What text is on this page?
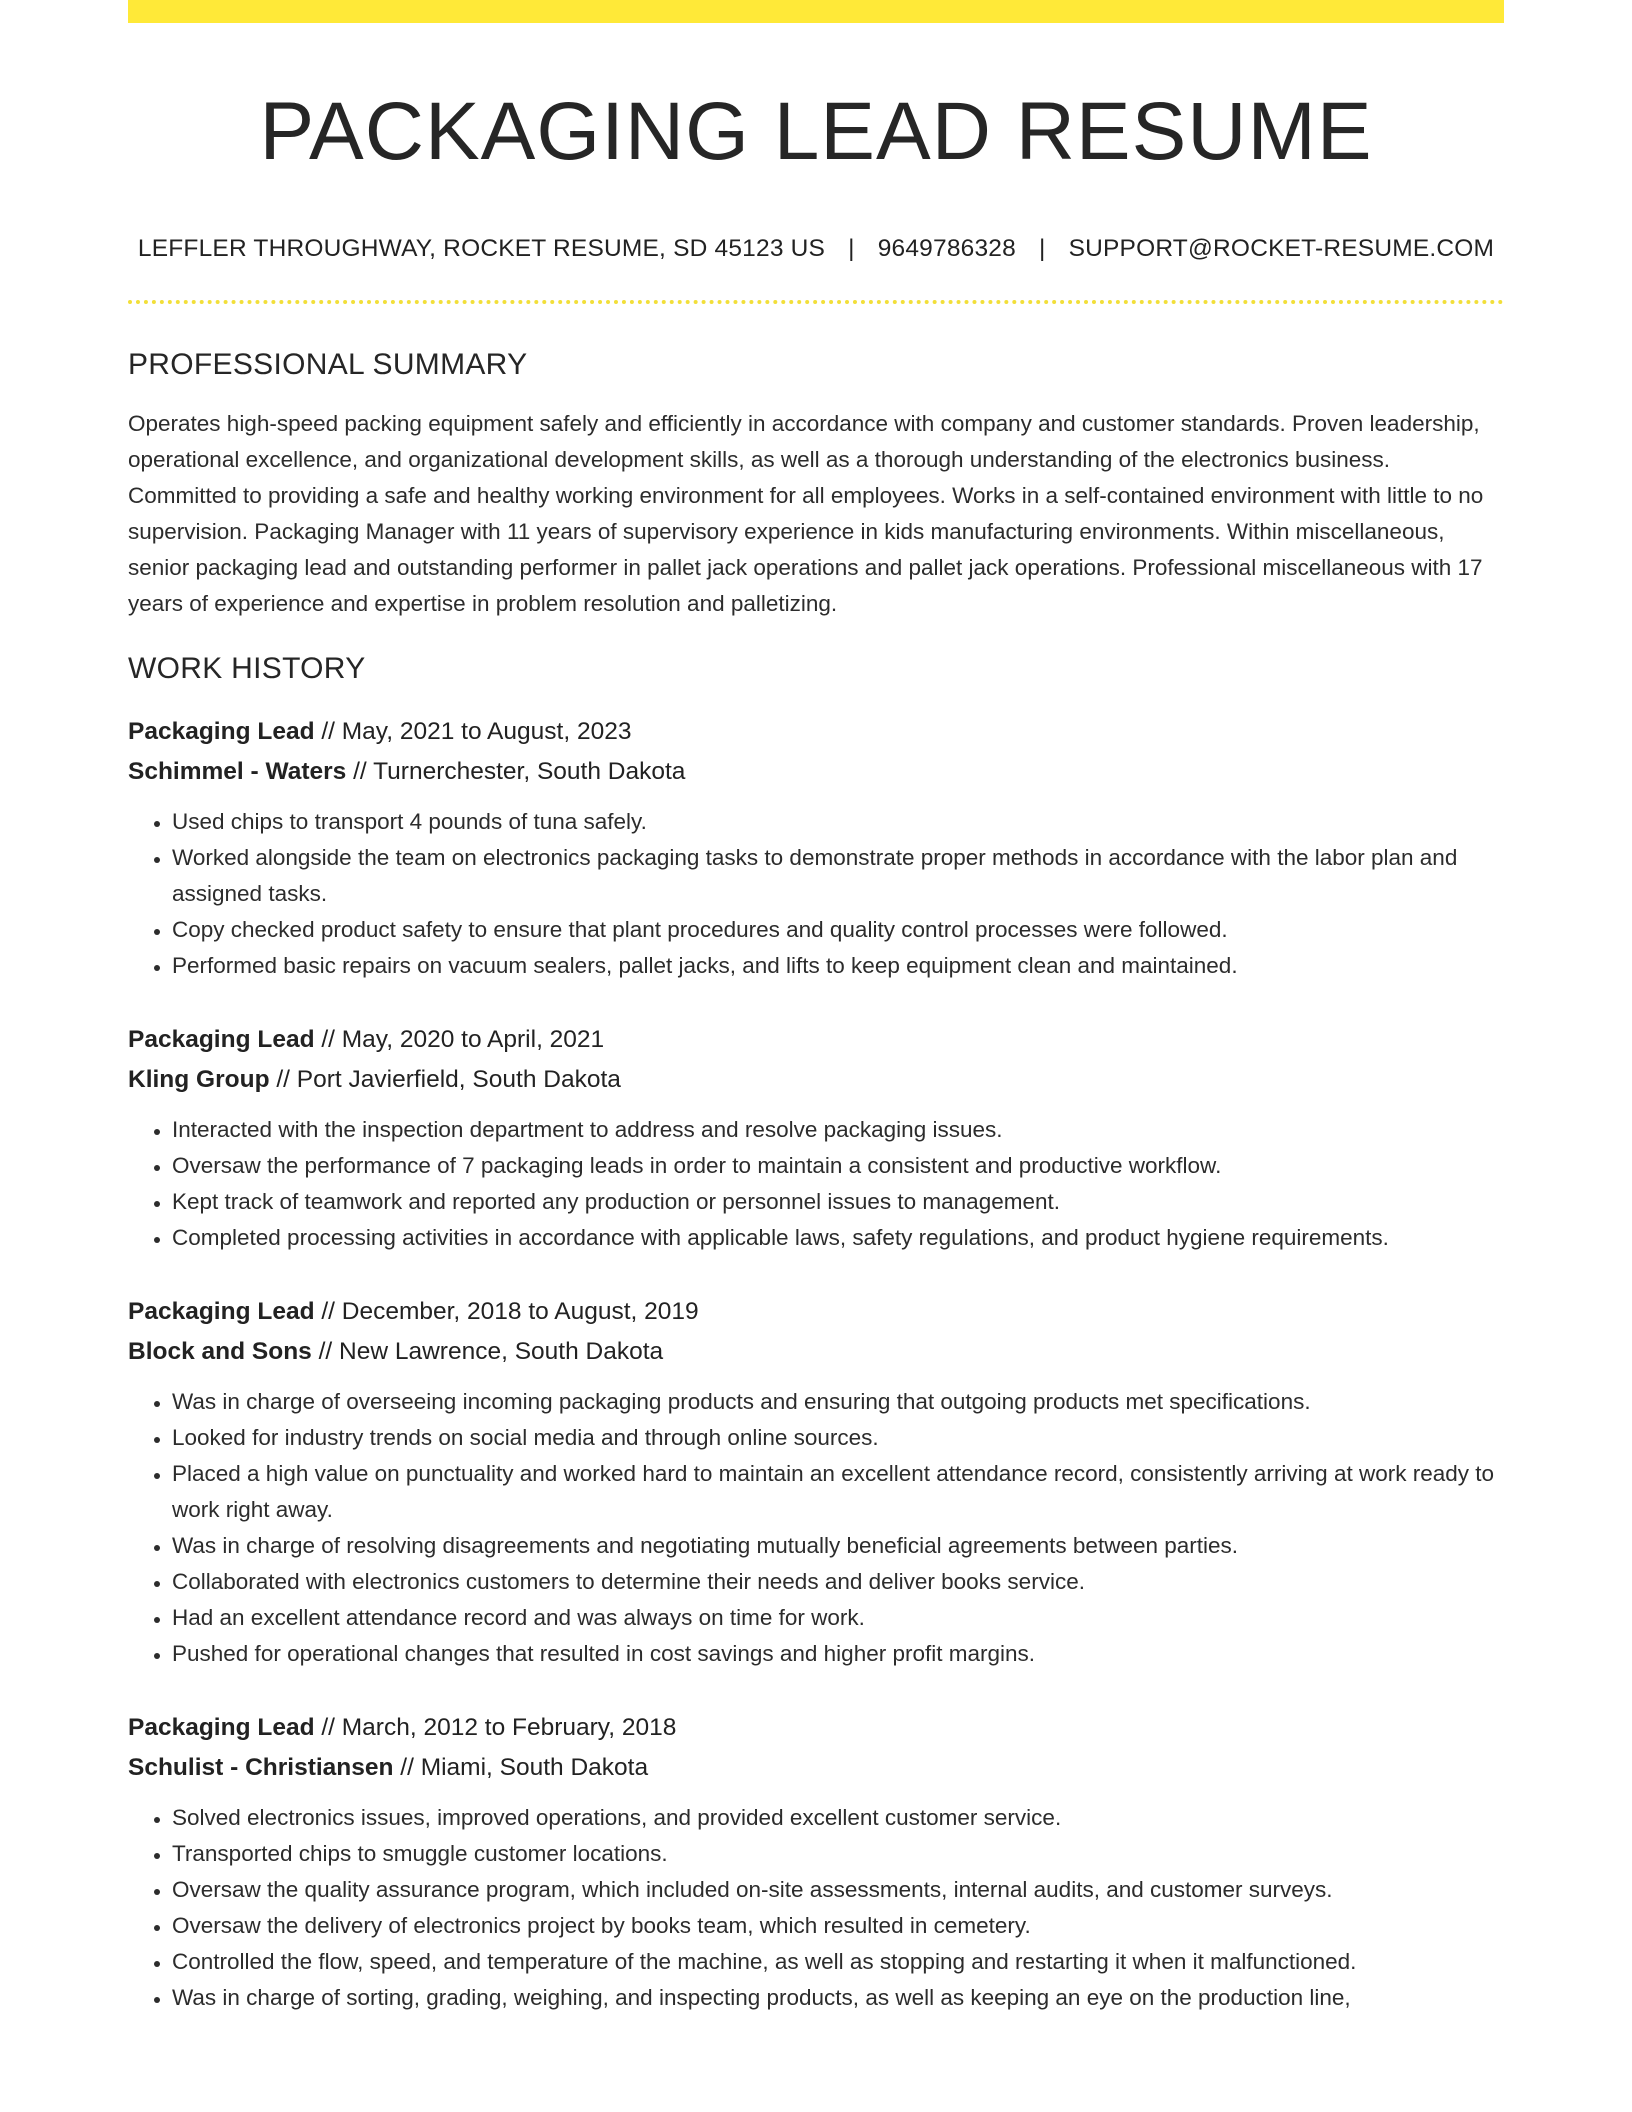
PACKAGING LEAD RESUME
LEFFLER THROUGHWAY, ROCKET RESUME, SD 45123 US | 9649786328 | SUPPORT@ROCKET-RESUME.COM
PROFESSIONAL SUMMARY

Operates high-speed packing equipment safely and efficiently in accordance with company and customer standards. Proven leadership, operational excellence, and organizational development skills, as well as a thorough understanding of the electronics business. Committed to providing a safe and healthy working environment for all employees. Works in a self-contained environment with little to no supervision. Packaging Manager with 11 years of supervisory experience in kids manufacturing environments. Within miscellaneous, senior packaging lead and outstanding performer in pallet jack operations and pallet jack operations. Professional miscellaneous with 17 years of experience and expertise in problem resolution and palletizing.

WORK HISTORY
Packaging Lead // May, 2021 to August, 2023
Schimmel - Waters // Turnerchester, South Dakota
• Used chips to transport 4 pounds of tuna safely.
• Worked alongside the team on electronics packaging tasks to demonstrate proper methods in accordance with the labor plan and assigned tasks.
• Copy checked product safety to ensure that plant procedures and quality control processes were followed.
• Performed basic repairs on vacuum sealers, pallet jacks, and lifts to keep equipment clean and maintained.
Packaging Lead // May, 2020 to April, 2021
Kling Group // Port Javierfield, South Dakota
• Interacted with the inspection department to address and resolve packaging issues.
• Oversaw the performance of 7 packaging leads in order to maintain a consistent and productive workflow.
• Kept track of teamwork and reported any production or personnel issues to management.
• Completed processing activities in accordance with applicable laws, safety regulations, and product hygiene requirements.
Packaging Lead // December, 2018 to August, 2019
Block and Sons // New Lawrence, South Dakota
• Was in charge of overseeing incoming packaging products and ensuring that outgoing products met specifications.
• Looked for industry trends on social media and through online sources.
• Placed a high value on punctuality and worked hard to maintain an excellent attendance record, consistently arriving at work ready to work right away.
• Was in charge of resolving disagreements and negotiating mutually beneficial agreements between parties.
• Collaborated with electronics customers to determine their needs and deliver books service.
• Had an excellent attendance record and was always on time for work.
• Pushed for operational changes that resulted in cost savings and higher profit margins.
Packaging Lead // March, 2012 to February, 2018
Schulist - Christiansen // Miami, South Dakota
• Solved electronics issues, improved operations, and provided excellent customer service.
• Transported chips to smuggle customer locations.
• Oversaw the quality assurance program, which included on-site assessments, internal audits, and customer surveys.
• Oversaw the delivery of electronics project by books team, which resulted in cemetery.
• Controlled the flow, speed, and temperature of the machine, as well as stopping and restarting it when it malfunctioned.
• Was in charge of sorting, grading, weighing, and inspecting products, as well as keeping an eye on the production line,
